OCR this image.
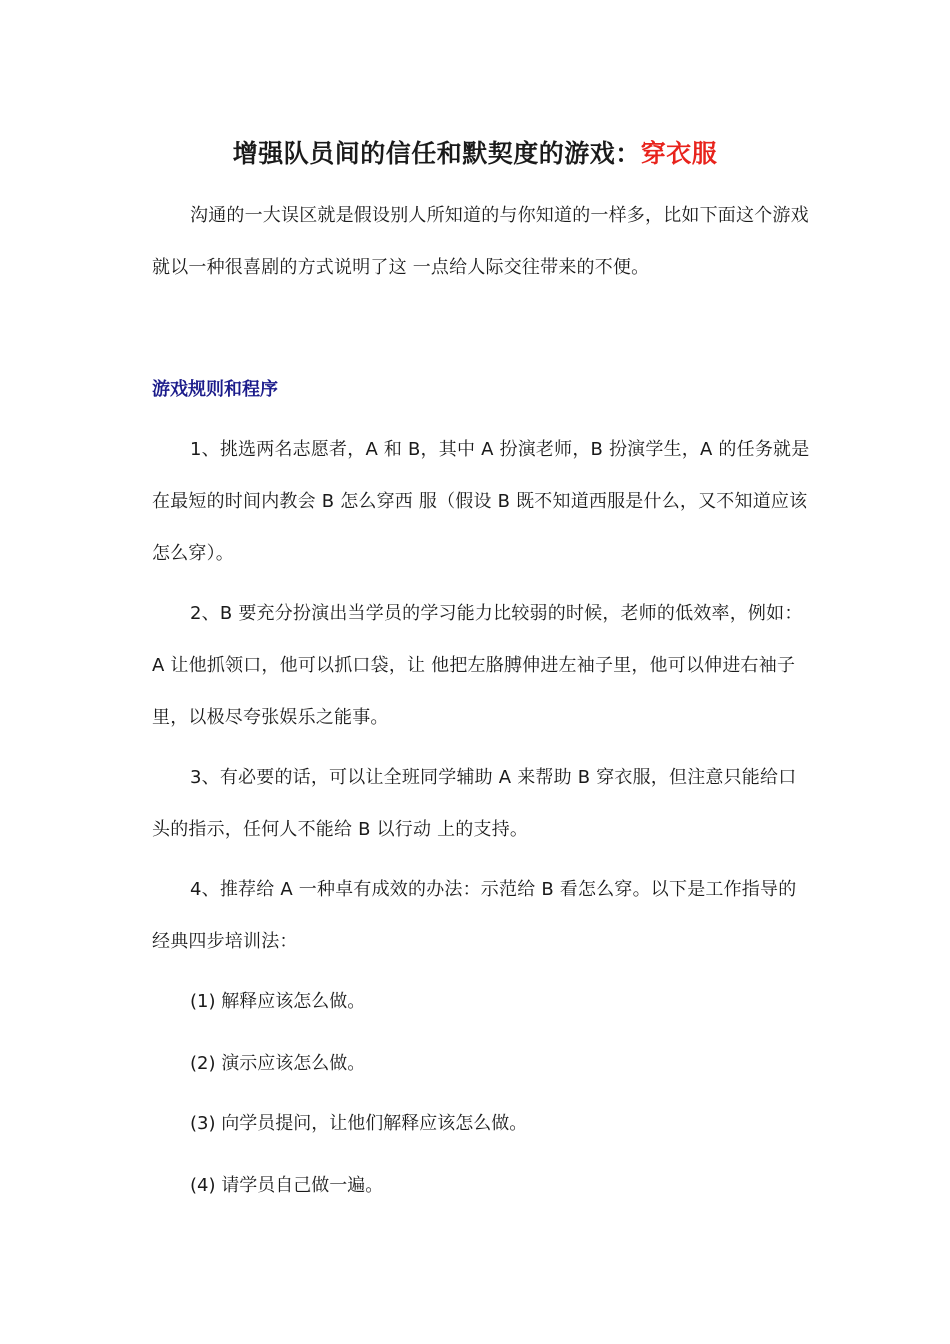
增强队员间的信任和默契度的游戏：穿衣服
沟通的一大误区就是假设别人所知道的与你知道的一样多，比如下面这个游戏就以一种很喜剧的方式说明了这 一点给人际交往带来的不便。
游戏规则和程序
1、挑选两名志愿者，A 和 B，其中 A 扮演老师，B 扮演学生，A 的任务就是在最短的时间内教会 B 怎么穿西 服（假设 B 既不知道西服是什么，又不知道应该怎么穿）。
2、B 要充分扮演出当学员的学习能力比较弱的时候，老师的低效率，例如：A 让他抓领口，他可以抓口袋，让 他把左胳膊伸进左袖子里，他可以伸进右袖子里，以极尽夸张娱乐之能事。
3、有必要的话，可以让全班同学辅助 A 来帮助 B 穿衣服，但注意只能给口头的指示，任何人不能给 B 以行动 上的支持。
4、推荐给 A 一种卓有成效的办法：示范给 B 看怎么穿。以下是工作指导的经典四步培训法：
(1) 解释应该怎么做。
(2) 演示应该怎么做。
(3) 向学员提问，让他们解释应该怎么做。
(4) 请学员自己做一遍。
